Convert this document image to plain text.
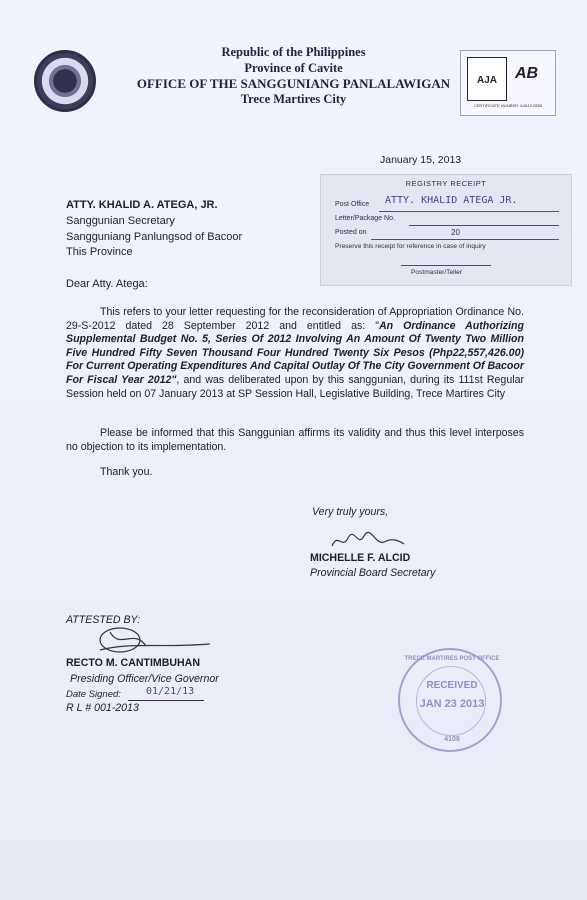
Republic of the Philippines
Province of Cavite
OFFICE OF THE SANGGUNIANG PANLALAWIGAN
Trece Martires City
AJA	AB
CERTIFICATE NUMBER: AJA12-0828
January 15, 2013
REGISTRY RECEIPT
Post Office ATTY. KHALID ATEGA JR.
Letter/Package No.
Posted on	20
Preserve this receipt for reference in case of inquiry
Postmaster/Teller
ATTY. KHALID A. ATEGA, JR.
Sanggunian Secretary
Sangguniang Panlungsod of Bacoor
This Province
Dear Atty. Atega:
This refers to your letter requesting for the reconsideration of Appropriation Ordinance No. 29-S-2012 dated 28 September 2012 and entitled as: "An Ordinance Authorizing Supplemental Budget No. 5, Series Of 2012 Involving An Amount Of Twenty Two Million Five Hundred Fifty Seven Thousand Four Hundred Twenty Six Pesos (Php22,557,426.00) For Current Operating Expenditures And Capital Outlay Of The City Government Of Bacoor For Fiscal Year 2012", and was deliberated upon by this sanggunian, during its 111st Regular Session held on 07 January 2013 at SP Session Hall, Legislative Building, Trece Martires City
Please be informed that this Sanggunian affirms its validity and thus this level interposes no objection to its implementation.
Thank you.
Very truly yours,
MICHELLE F. ALCID
Provincial Board Secretary
ATTESTED BY:
RECTO M. CANTIMBUHAN
Presiding Officer/Vice Governor
Date Signed:	01/21/13
R L # 001-2013
TRECE MARTIRES POST OFFICE
RECEIVED
JAN 23 2013
4109
